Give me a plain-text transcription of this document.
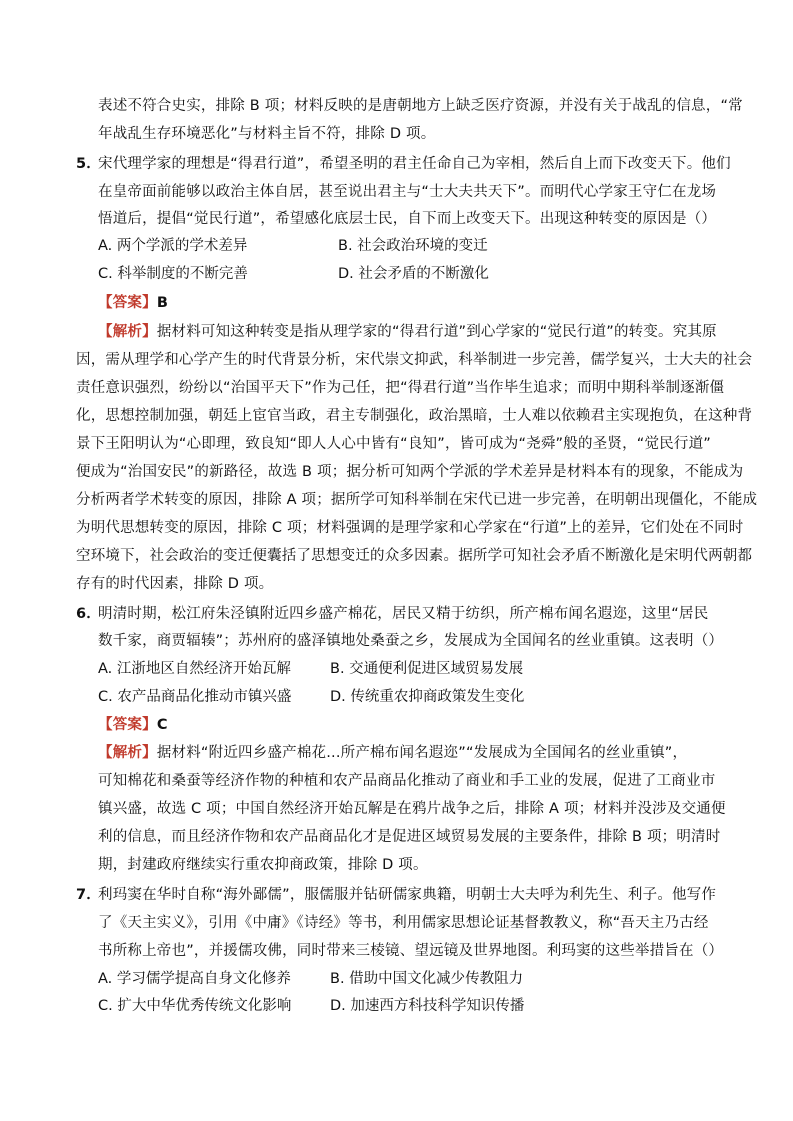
表述不符合史实，排除 B 项；材料反映的是唐朝地方上缺乏医疗资源，并没有关于战乱的信息，“常
年战乱生存环境恶化”与材料主旨不符，排除 D 项。
5．
宋代理学家的理想是“得君行道”，希望圣明的君主任命自己为宰相，然后自上而下改变天下。他们
在皇帝面前能够以政治主体自居，甚至说出君主与“士大夫共天下”。而明代心学家王守仁在龙场
悟道后，提倡“觉民行道”，希望感化底层士民，自下而上改变天下。出现这种转变的原因是（）
A. 两个学派的学术差异	B. 社会政治环境的变迁
C. 科举制度的不断完善	D. 社会矛盾的不断激化
【答案】B
【解析】据材料可知这种转变是指从理学家的“得君行道”到心学家的“觉民行道”的转变。究其原
因，需从理学和心学产生的时代背景分析，宋代崇文抑武，科举制进一步完善，儒学复兴，士大夫的社会
责任意识强烈，纷纷以“治国平天下”作为己任，把“得君行道”当作毕生追求；而明中期科举制逐渐僵
化，思想控制加强，朝廷上宦官当政，君主专制强化，政治黑暗，士人难以依赖君主实现抱负，在这种背
景下王阳明认为“心即理，致良知“即人人心中皆有“良知”，皆可成为“尧舜”般的圣贤，“觉民行道”
便成为“治国安民”的新路径，故选 B 项；据分析可知两个学派的学术差异是材料本有的现象，不能成为
分析两者学术转变的原因，排除 A 项；据所学可知科举制在宋代已进一步完善，在明朝出现僵化，不能成
为明代思想转变的原因，排除 C 项；材料强调的是理学家和心学家在“行道”上的差异，它们处在不同时
空环境下，社会政治的变迁便囊括了思想变迁的众多因素。据所学可知社会矛盾不断激化是宋明代两朝都
存有的时代因素，排除 D 项。
6．
明清时期，松江府朱泾镇附近四乡盛产棉花，居民又精于纺织，所产棉布闻名遐迩，这里“居民
数千家，商贾辐辏”；苏州府的盛泽镇地处桑蚕之乡，发展成为全国闻名的丝业重镇。这表明（）
A. 江浙地区自然经济开始瓦解	B. 交通便利促进区域贸易发展
C. 农产品商品化推动市镇兴盛	D. 传统重农抑商政策发生变化
【答案】C
【解析】据材料“附近四乡盛产棉花...所产棉布闻名遐迩”“发展成为全国闻名的丝业重镇”，
可知棉花和桑蚕等经济作物的种植和农产品商品化推动了商业和手工业的发展，促进了工商业市
镇兴盛，故选 C 项；中国自然经济开始瓦解是在鸦片战争之后，排除 A 项；材料并没涉及交通便
利的信息，而且经济作物和农产品商品化才是促进区域贸易发展的主要条件，排除 B 项；明清时
期，封建政府继续实行重农抑商政策，排除 D 项。
7．
利玛窦在华时自称“海外鄙儒”，服儒服并钻研儒家典籍，明朝士大夫呼为利先生、利子。他写作
了《天主实义》，引用《中庸》《诗经》等书，利用儒家思想论证基督教教义，称“吾天主乃古经
书所称上帝也”，并援儒攻佛，同时带来三棱镜、望远镜及世界地图。利玛窦的这些举措旨在（）
A. 学习儒学提高自身文化修养	B. 借助中国文化减少传教阻力
C. 扩大中华优秀传统文化影响	D. 加速西方科技科学知识传播
